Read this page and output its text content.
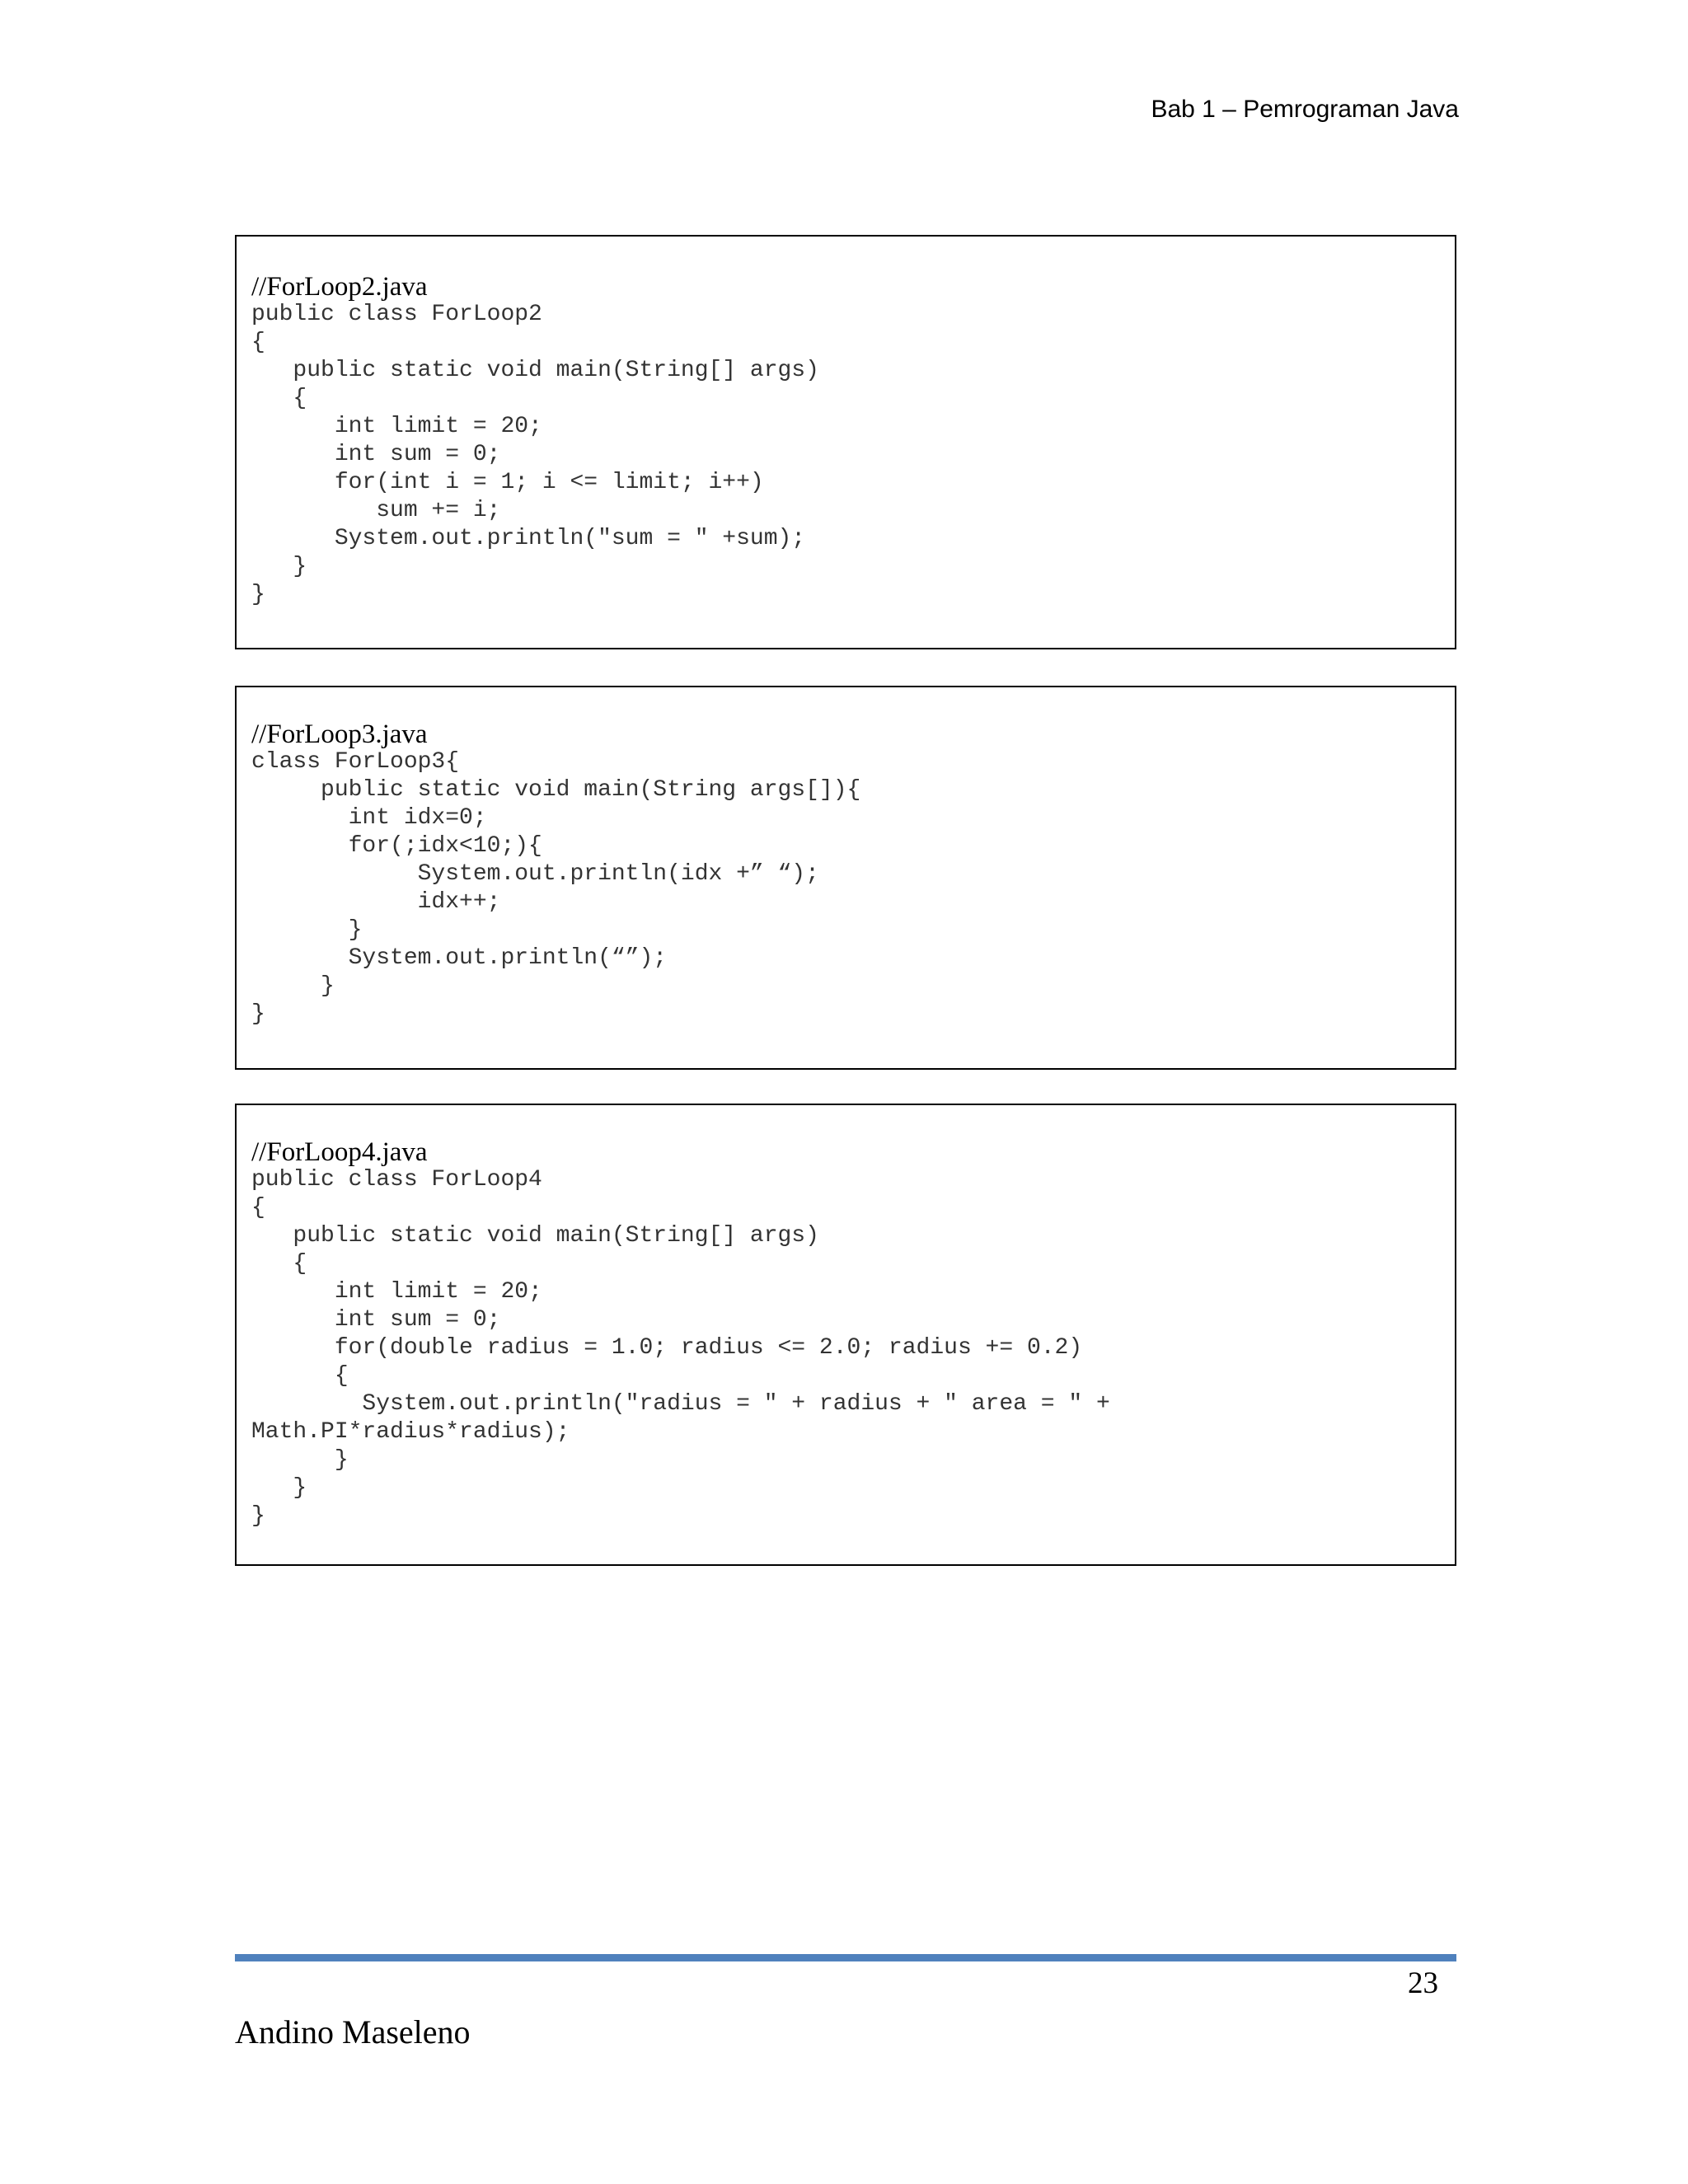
Bab 1 – Pemrograman Java
//ForLoop2.java
public class ForLoop2
{
public static void main(String[] args)
{
int limit = 20;
int sum = 0;
for(int i = 1; i <= limit; i++)
sum += i;
System.out.println("sum = " +sum);
}
}
//ForLoop3.java
class ForLoop3{
public static void main(String args[]){
int idx=0;
for(;idx<10;){
System.out.println(idx +” “);
idx++;
}
System.out.println(“”);
}
}
//ForLoop4.java
public class ForLoop4
{
public static void main(String[] args)
{
int limit = 20;
int sum = 0;
for(double radius = 1.0; radius <= 2.0; radius += 0.2)
{
System.out.println("radius = " + radius + " area = " +
Math.PI*radius*radius);
}
}
}
23
Andino Maseleno
